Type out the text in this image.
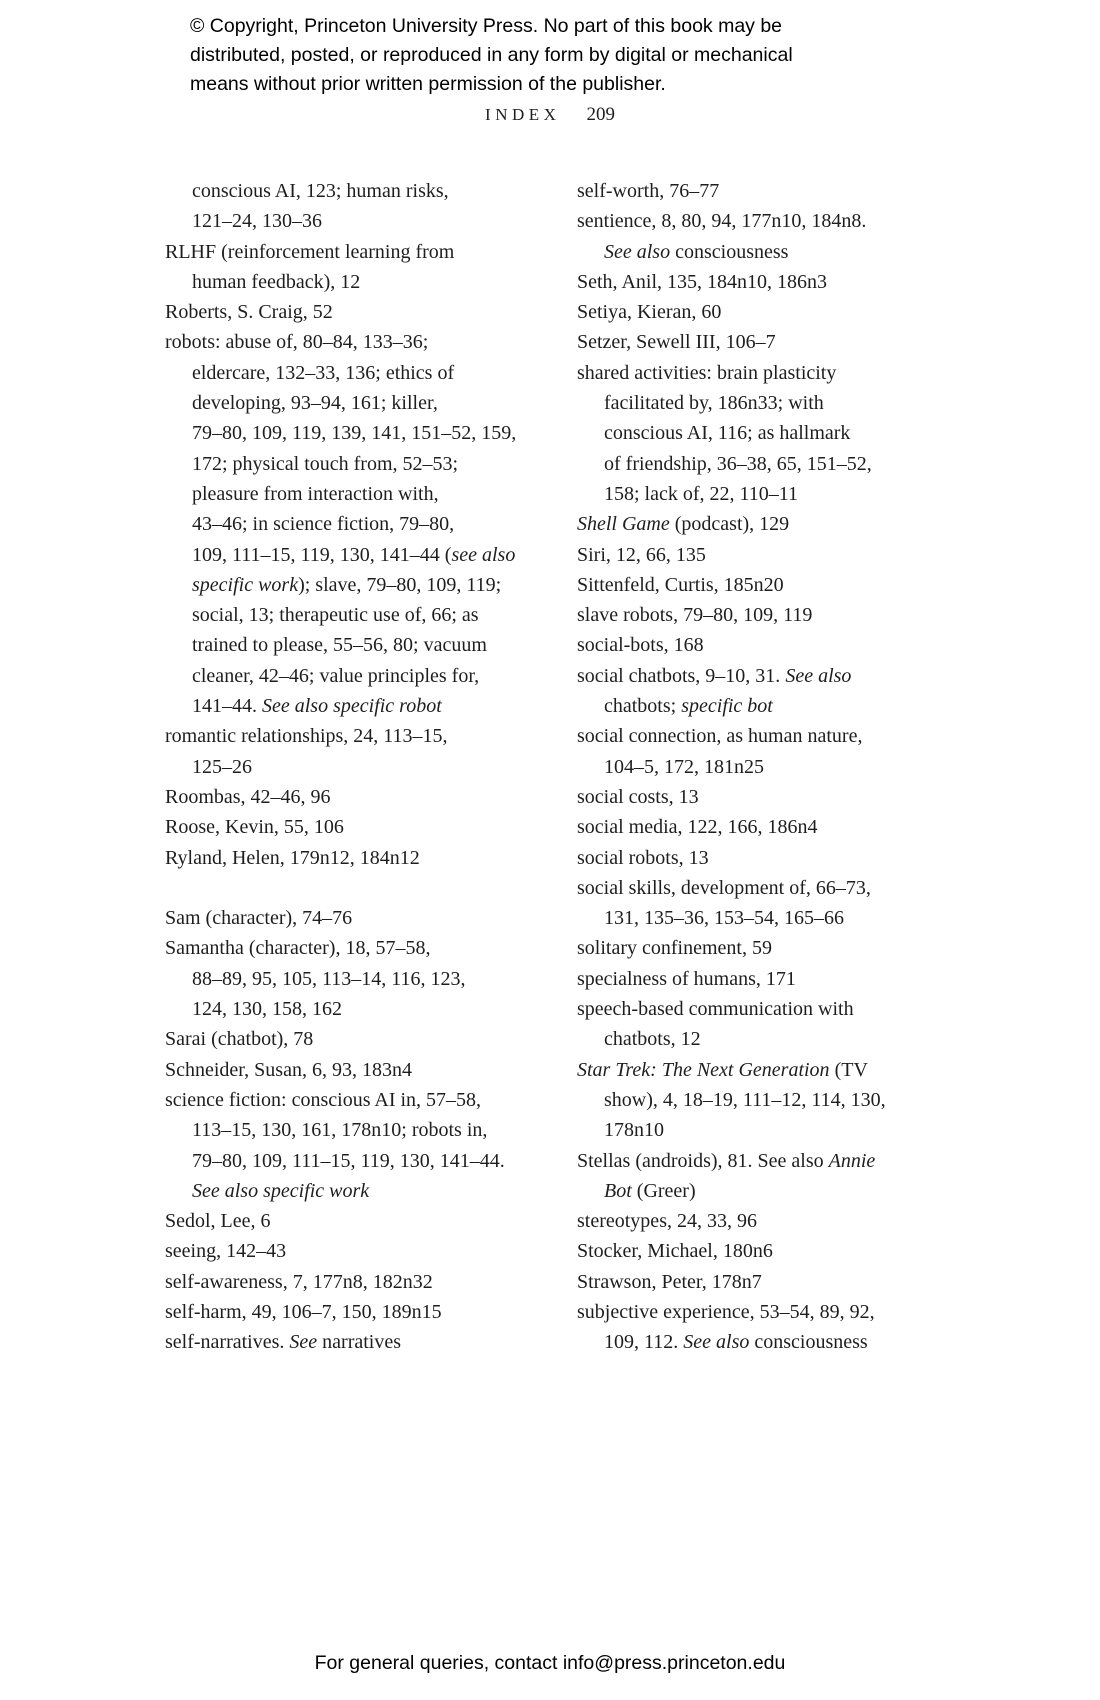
© Copyright, Princeton University Press. No part of this book may be
distributed, posted, or reproduced in any form by digital or mechanical
means without prior written permission of the publisher.
INDEX 209
conscious AI, 123; human risks,
121–24, 130–36
RLHF (reinforcement learning from
human feedback), 12
Roberts, S. Craig, 52
robots: abuse of, 80–84, 133–36;
eldercare, 132–33, 136; ethics of
developing, 93–94, 161; killer,
79–80, 109, 119, 139, 141, 151–52, 159,
172; physical touch from, 52–53;
pleasure from interaction with,
43–46; in science fiction, 79–80,
109, 111–15, 119, 130, 141–44 (see also
specific work); slave, 79–80, 109, 119;
social, 13; therapeutic use of, 66; as
trained to please, 55–56, 80; vacuum
cleaner, 42–46; value principles for,
141–44. See also specific robot
romantic relationships, 24, 113–15,
125–26
Roombas, 42–46, 96
Roose, Kevin, 55, 106
Ryland, Helen, 179n12, 184n12
Sam (character), 74–76
Samantha (character), 18, 57–58,
88–89, 95, 105, 113–14, 116, 123,
124, 130, 158, 162
Sarai (chatbot), 78
Schneider, Susan, 6, 93, 183n4
science fiction: conscious AI in, 57–58,
113–15, 130, 161, 178n10; robots in,
79–80, 109, 111–15, 119, 130, 141–44.
See also specific work
Sedol, Lee, 6
seeing, 142–43
self-awareness, 7, 177n8, 182n32
self-harm, 49, 106–7, 150, 189n15
self-narratives. See narratives
self-worth, 76–77
sentience, 8, 80, 94, 177n10, 184n8.
See also consciousness
Seth, Anil, 135, 184n10, 186n3
Setiya, Kieran, 60
Setzer, Sewell III, 106–7
shared activities: brain plasticity
facilitated by, 186n33; with
conscious AI, 116; as hallmark
of friendship, 36–38, 65, 151–52,
158; lack of, 22, 110–11
Shell Game (podcast), 129
Siri, 12, 66, 135
Sittenfeld, Curtis, 185n20
slave robots, 79–80, 109, 119
social-bots, 168
social chatbots, 9–10, 31. See also
chatbots; specific bot
social connection, as human nature,
104–5, 172, 181n25
social costs, 13
social media, 122, 166, 186n4
social robots, 13
social skills, development of, 66–73,
131, 135–36, 153–54, 165–66
solitary confinement, 59
specialness of humans, 171
speech-based communication with
chatbots, 12
Star Trek: The Next Generation (TV
show), 4, 18–19, 111–12, 114, 130,
178n10
Stellas (androids), 81. See also Annie
Bot (Greer)
stereotypes, 24, 33, 96
Stocker, Michael, 180n6
Strawson, Peter, 178n7
subjective experience, 53–54, 89, 92,
109, 112. See also consciousness
For general queries, contact info@press.princeton.edu
